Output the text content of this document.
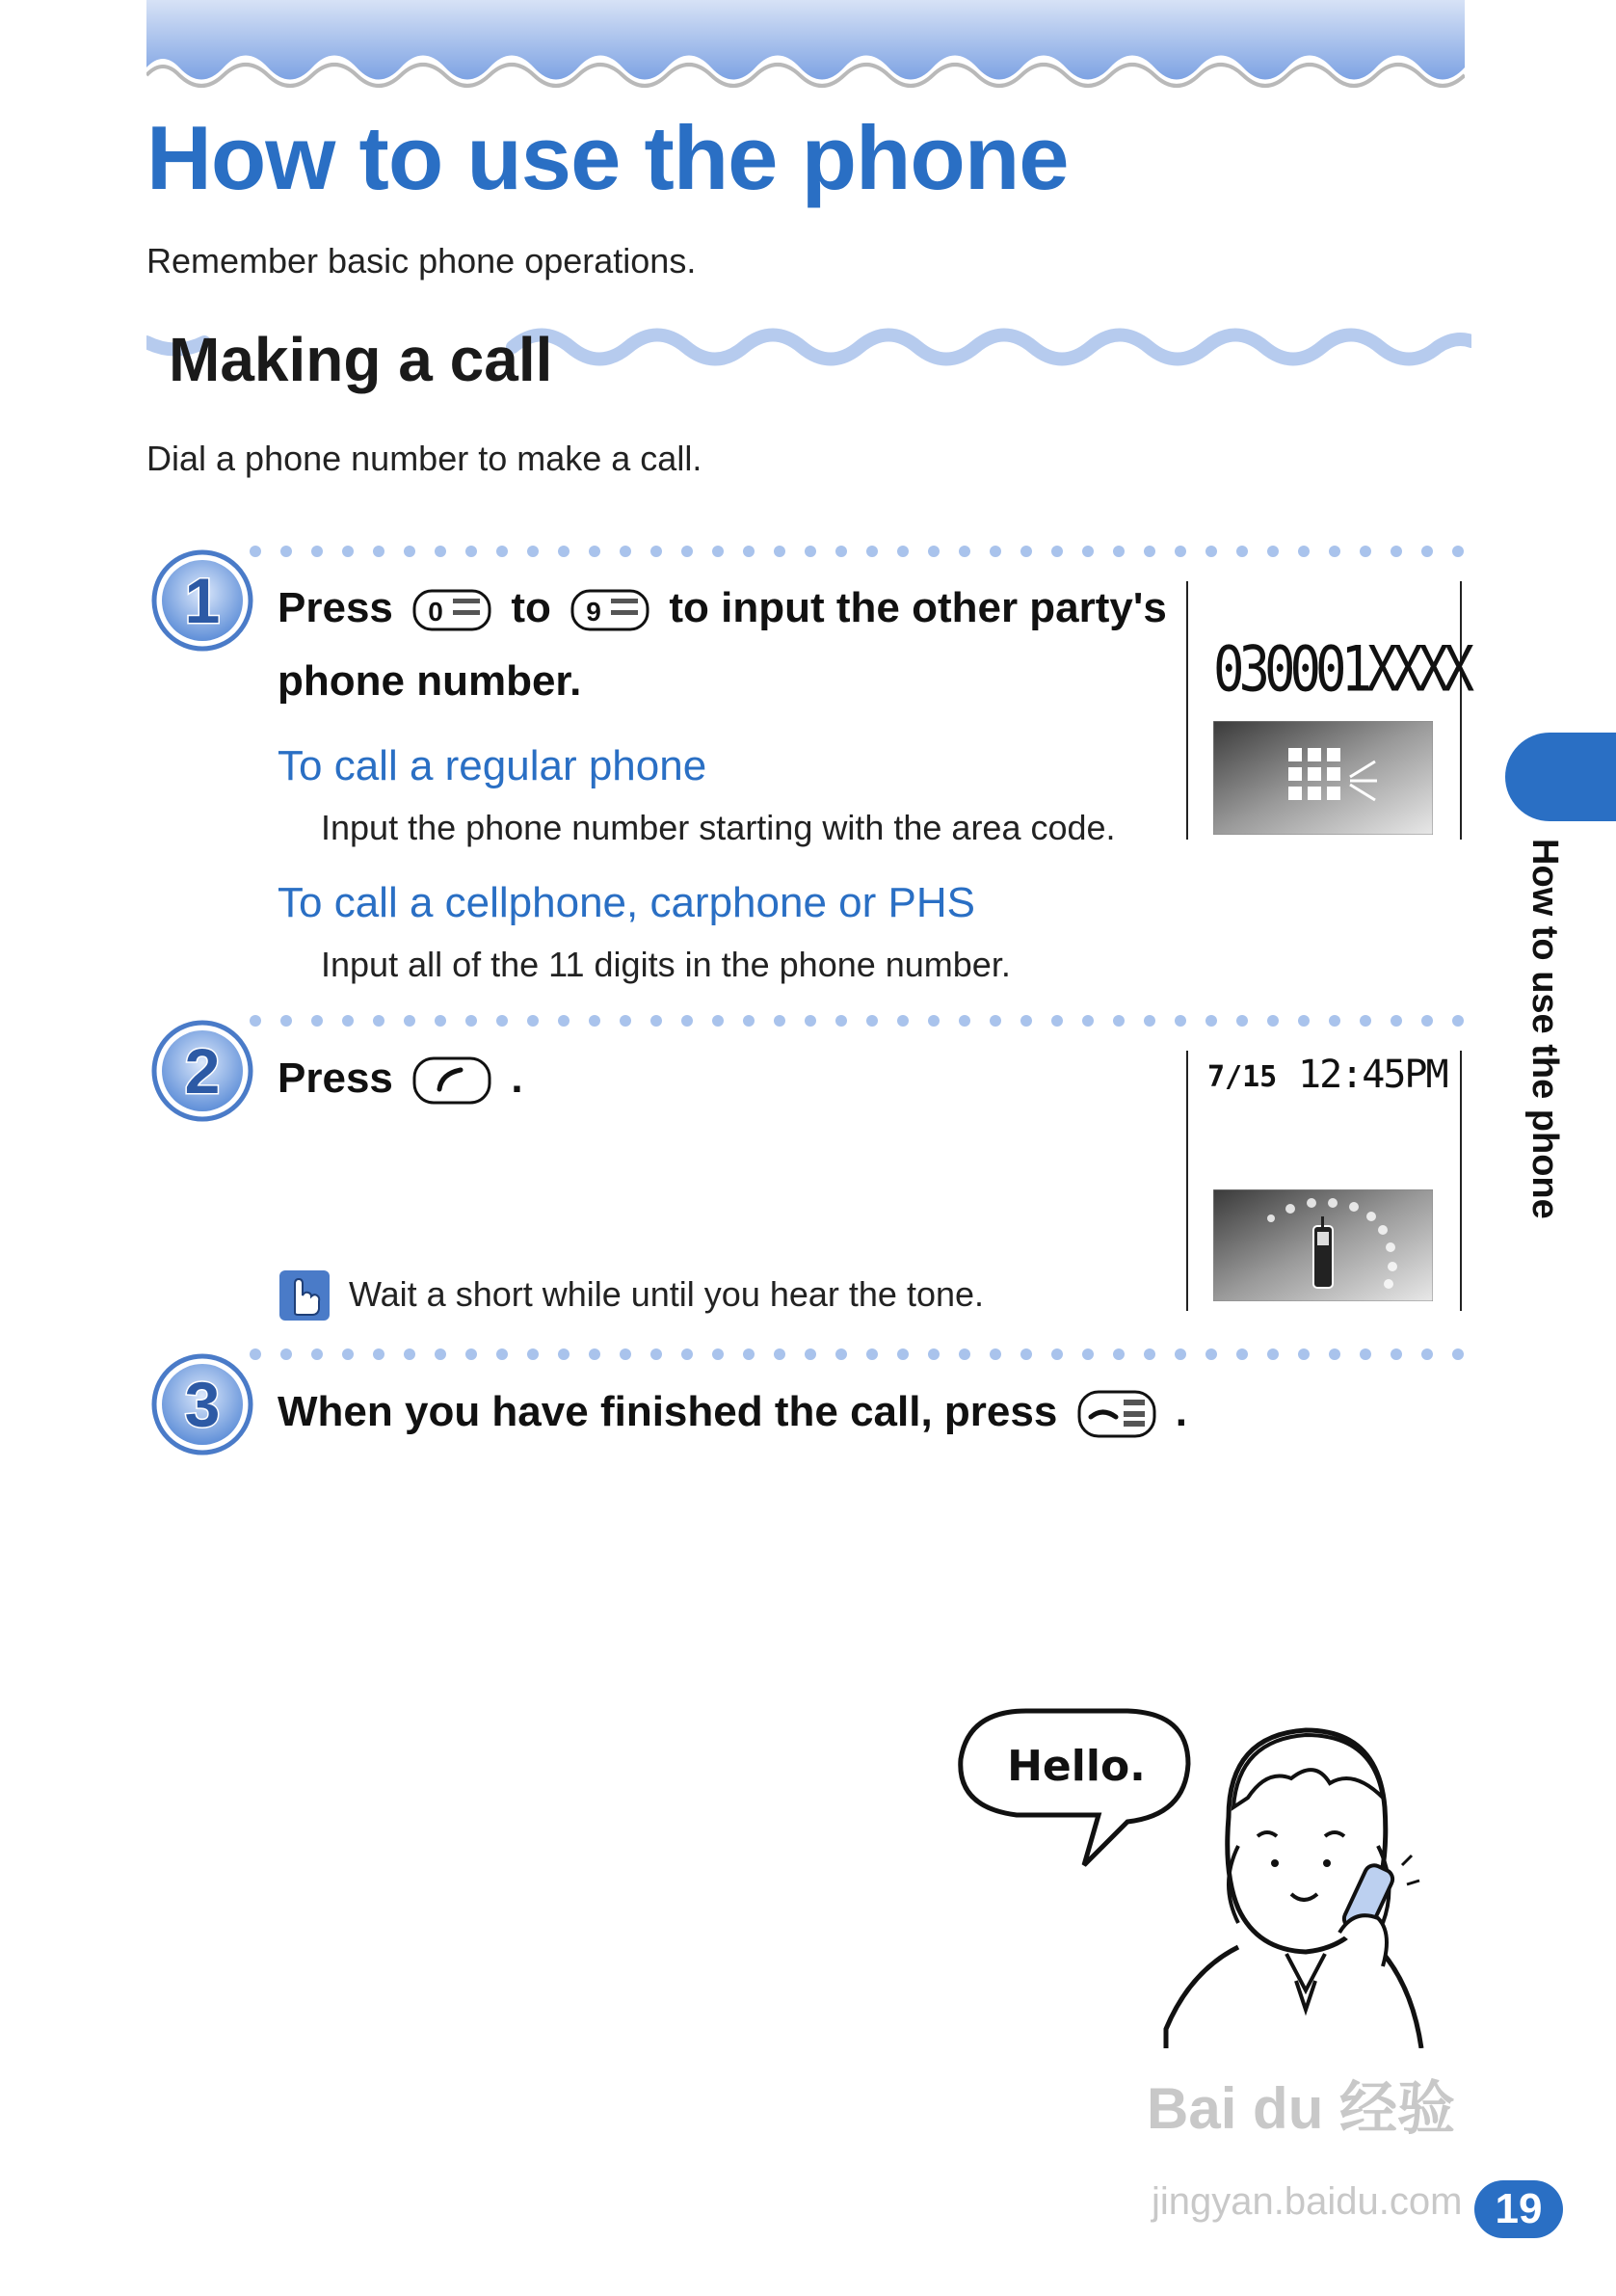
How to use the phone
Remember basic phone operations.
Making a call
Dial a phone number to make a call.
1 Press 0 to 9 to input the other party's
phone number.
To call a regular phone
Input the phone number starting with the area code.
To call a cellphone, carphone or PHS
Input all of the 11 digits in the phone number.
030001XXXX
2 Press	.
Wait a short while until you hear the tone.
7/15 12:45PM
3 When you have finished the call, press	.
How to use the phone
Hello.
Bai du 经验
jingyan.baidu.com 19
